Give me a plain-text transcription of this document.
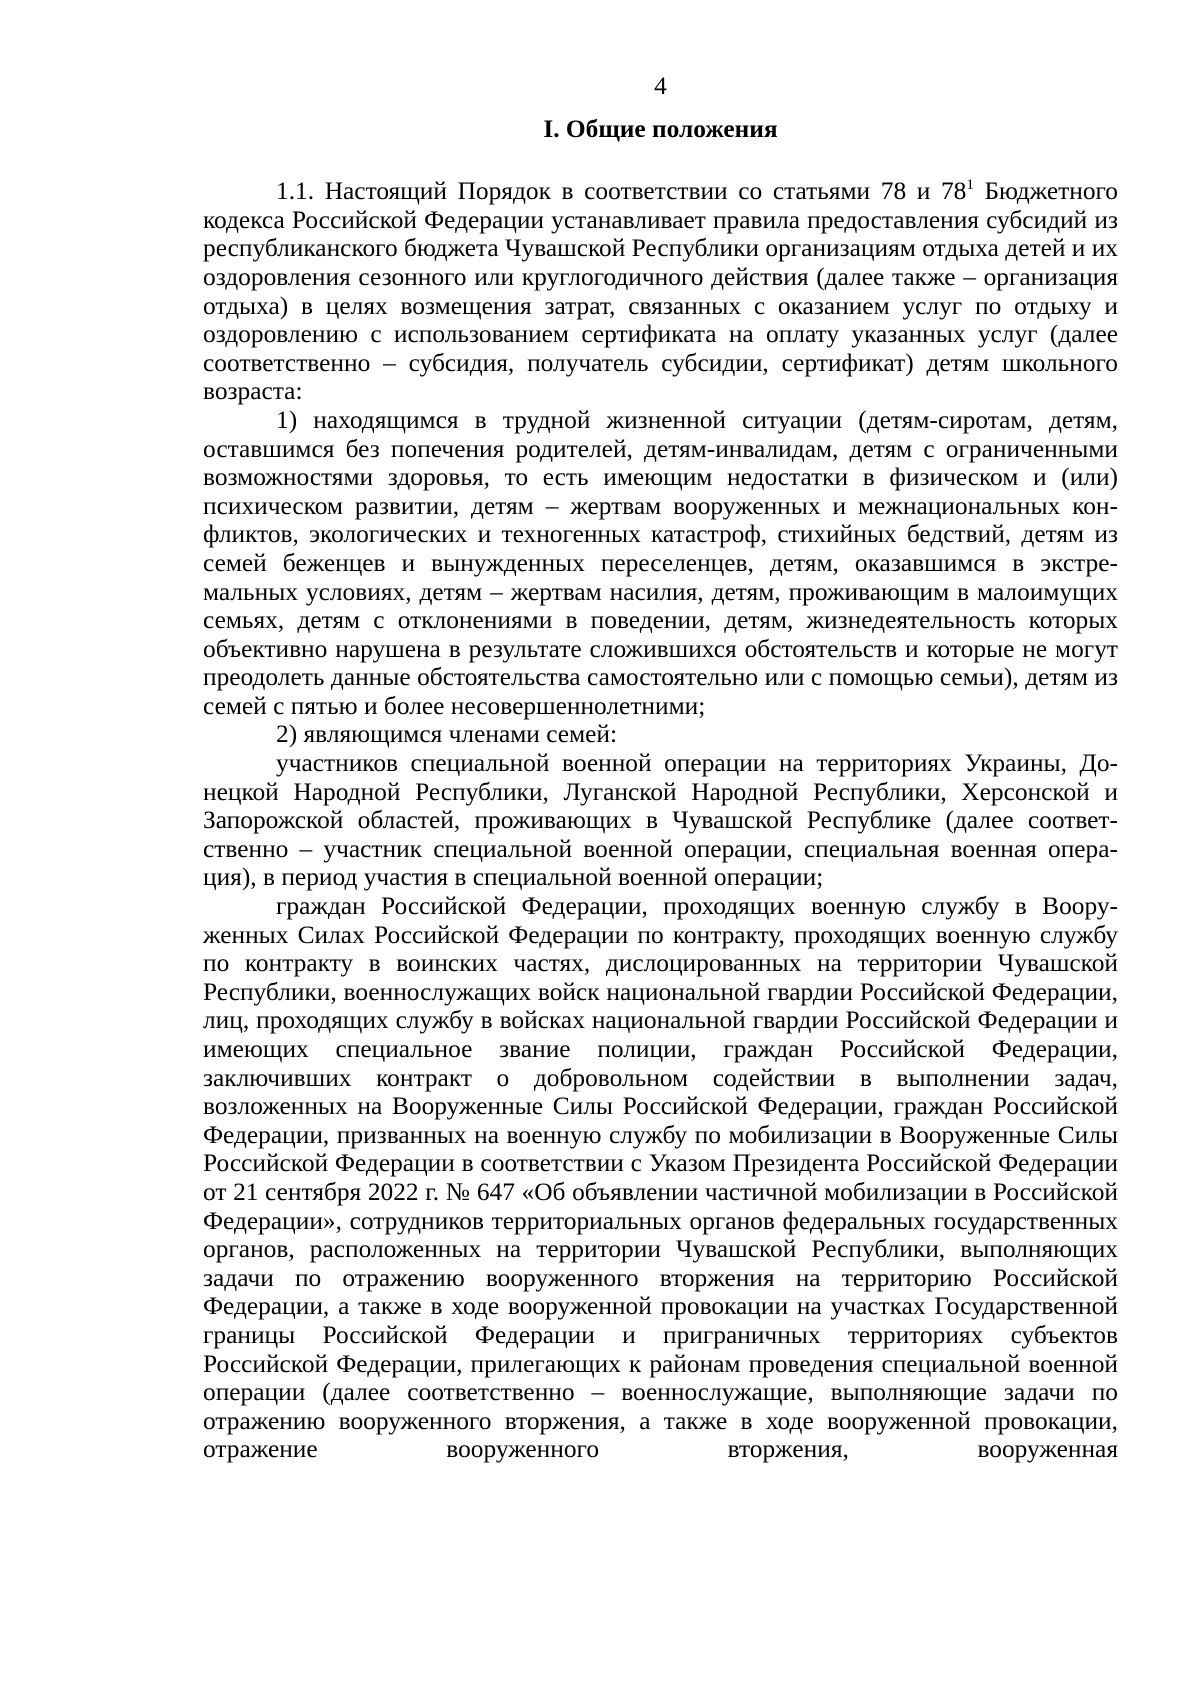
4
I. Общие положения

1.1. Настоящий Порядок в соответствии со статьями 78 и $78^1$ Бюджетного кодекса Российской Федерации устанавливает правила предоставления субсидий из республиканского бюджета Чувашской Республики организациям отдыха детей и их оздоровления сезонного или круглогодичного действия (далее также – организация отдыха) в целях возмещения затрат, связанных с оказанием услуг по отдыху и оздоровлению с использованием сертификата на оплату указанных услуг (далее соответственно – субсидия, получатель субсидии, сертификат) детям школьного возраста:

1) находящимся в трудной жизненной ситуации (детям-сиротам, детям, оставшимся без попечения родителей, детям-инвалидам, детям с ограниченными возможностями здоровья, то есть имеющим недостатки в физическом и (или) психическом развитии, детям – жертвам вооруженных и межнациональных конфликтов, экологических и техногенных катастроф, стихийных бедствий, детям из семей беженцев и вынужденных переселенцев, детям, оказавшимся в экстремальных условиях, детям – жертвам насилия, детям, проживающим в малоимущих семьях, детям с отклонениями в поведении, детям, жизнедеятельность которых объективно нарушена в результате сложившихся обстоятельств и которые не могут преодолеть данные обстоятельства самостоятельно или с помощью семьи), детям из семей с пятью и более несовершеннолетними;

2) являющимся членами семей:

участников специальной военной операции на территориях Украины, Донецкой Народной Республики, Луганской Народной Республики, Херсонской и Запорожской областей, проживающих в Чувашской Республике (далее соответственно – участник специальной военной операции, специальная военная операция), в период участия в специальной военной операции;

граждан Российской Федерации, проходящих военную службу в Вооруженных Силах Российской Федерации по контракту, проходящих военную службу по контракту в воинских частях, дислоцированных на территории Чувашской Республики, военнослужащих войск национальной гвардии Российской Федерации, лиц, проходящих службу в войсках национальной гвардии Российской Федерации и имеющих специальное звание полиции, граждан Российской Федерации, заключивших контракт о добровольном содействии в выполнении задач, возложенных на Вооруженные Силы Российской Федерации, граждан Российской Федерации, призванных на военную службу по мобилизации в Вооруженные Силы Российской Федерации в соответствии с Указом Президента Российской Федерации от 21 сентября 2022 г. № 647 «Об объявлении частичной мобилизации в Российской Федерации», сотрудников территориальных органов федеральных государственных органов, расположенных на территории Чувашской Республики, выполняющих задачи по отражению вооруженного вторжения на территорию Российской Федерации, а также в ходе вооруженной провокации на участках Государственной границы Российской Федерации и приграничных территориях субъектов Российской Федерации, прилегающих к районам проведения специальной военной операции (далее соответственно – военнослужащие, выполняющие задачи по отражению вооруженного вторжения, а также в ходе вооруженной провокации, отражение вооруженного вторжения, вооруженная
